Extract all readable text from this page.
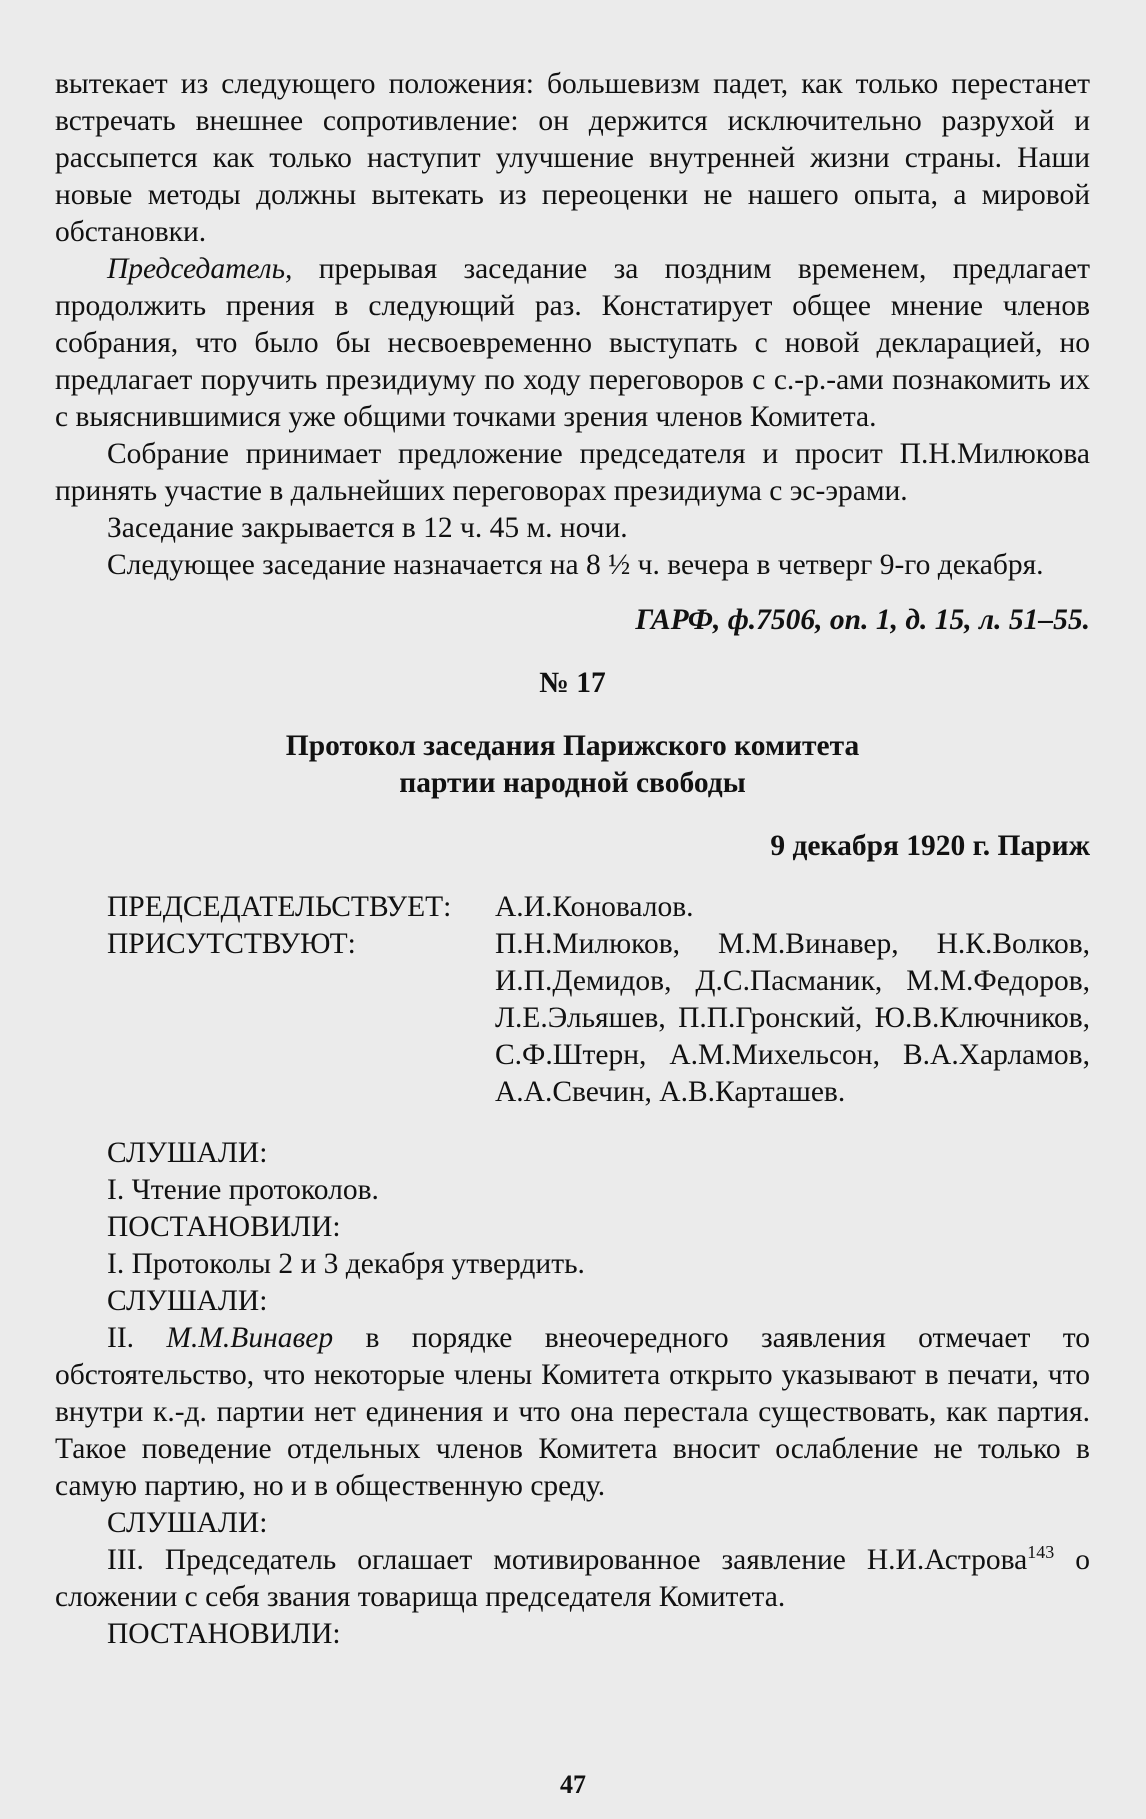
вытекает из следующего положения: большевизм падет, как только перестанет встречать внешнее сопротивление: он держится исключительно разрухой и рассыпется как только наступит улучшение внутренней жизни страны. Наши новые методы должны вытекать из переоценки не нашего опыта, а мировой обстановки.

Председатель, прерывая заседание за поздним временем, предлагает продолжить прения в следующий раз. Констатирует общее мнение членов собрания, что было бы несвоевременно выступать с новой декларацией, но предлагает поручить президиуму по ходу переговоров с с.-р.-ами познакомить их с выяснившимися уже общими точками зрения членов Комитета.

Собрание принимает предложение председателя и просит П.Н.Милюкова принять участие в дальнейших переговорах президиума с эс-эрами.

Заседание закрывается в 12 ч. 45 м. ночи.

Следующее заседание назначается на 8 ½ ч. вечера в четверг 9-го декабря.

ГАРФ, ф.7506, оп. 1, д. 15, л. 51–55.

№ 17

Протокол заседания Парижского комитета
партии народной свободы

9 декабря 1920 г. Париж

ПРЕДСЕДАТЕЛЬСТВУЕТ:	А.И.Коновалов.
ПРИСУТСТВУЮТ:	П.Н.Милюков, М.М.Винавер, Н.К.Волков, И.П.Демидов, Д.С.Пасманик, М.М.Федоров, Л.Е.Эльяшев, П.П.Гронский, Ю.В.Ключников, С.Ф.Штерн, А.М.Михельсон, В.А.Харламов, А.А.Свечин, А.В.Карташев.

СЛУШАЛИ:

I. Чтение протоколов.

ПОСТАНОВИЛИ:

I. Протоколы 2 и 3 декабря утвердить.

СЛУШАЛИ:

II. М.М.Винавер в порядке внеочередного заявления отмечает то обстоятельство, что некоторые члены Комитета открыто указывают в печати, что внутри к.-д. партии нет единения и что она перестала существовать, как партия. Такое поведение отдельных членов Комитета вносит ослабление не только в самую партию, но и в общественную среду.

СЛУШАЛИ:

III. Председатель оглашает мотивированное заявление Н.И.Астрова$^{143}$ о сложении с себя звания товарища председателя Комитета.

ПОСТАНОВИЛИ:

47
